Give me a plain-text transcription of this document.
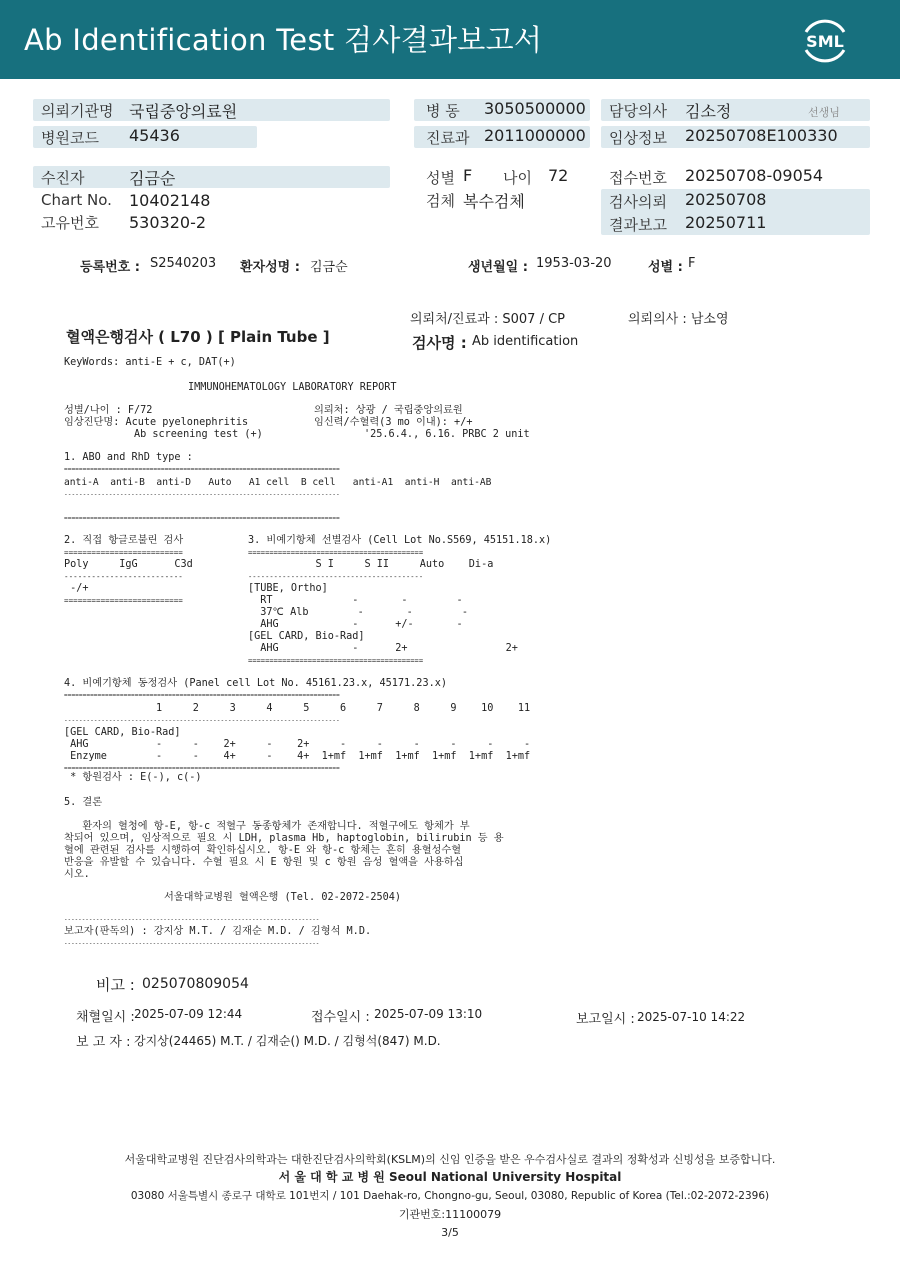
Ab Identification Test 검사결과보고서	SML
의뢰기관명 국립중앙의료원
병원코드 45436
병 동 3050500000
진료과 2011000000
담당의사 김소정	선생님
임상정보 20250708E100330
수진자	김금순
Chart No. 10402148
고유번호 530320-2
성별 F 나이 72
검체 복수검체
접수번호 20250708-09054
검사의뢰 20250708
결과보고 20250711
등록번호 : S2540203 환자성명 : 김금순	생년월일 : 1953-03-20	성별 : F
의뢰처/진료과 : S007 / CP	의뢰의사 : 남소영
혈액은행검사 ( L70 ) [ Plain Tube ]	검사명 : Ab identification
KeyWords: anti-E + c, DAT(+)
IMMUNOHEMATOLOGY LABORATORY REPORT
성별/나이 : F/72
임상진단명: Acute pyelonephritis
Ab screening test (+)
의뢰처: 상광 / 국립중앙의료원
임신력/수혈력(3 mo 이내): +/+
'25.6.4., 6.16. PRBC 2 unit
1. ABO and RhD type :
==========================================================================
anti-A  anti-B  anti-D   Auto   A1 cell  B cell   anti-A1  anti-H  anti-AB
--------------------------------------------------------------------------
==========================================================================
2. 직접 항글로불린 검사
==========================
Poly     IgG      C3d
--------------------------
-/+
==========================
3. 비예기항체 선별검사 (Cell Lot No.S569, 45151.18.x)
=========================================
S I     S II     Auto    Di-a
-----------------------------------------
[TUBE, Ortho]
RT             -       -        -
37℃ Alb        -       -        -
AHG            -      +/-       -
[GEL CARD, Bio-Rad]
AHG            -      2+                2+
=========================================
4. 비예기항체 동정검사 (Panel cell Lot No. 45161.23.x, 45171.23.x)
==========================================================================
1     2     3     4     5     6     7     8     9    10    11
--------------------------------------------------------------------------
[GEL CARD, Bio-Rad]
AHG           -     -    2+     -    2+     -     -     -     -     -     -
Enzyme        -     -    4+     -    4+  1+mf  1+mf  1+mf  1+mf  1+mf  1+mf
==========================================================================
* 항원검사 : E(-), c(-)
5. 결론
환자의 혈청에 항-E, 항-c 적혈구 동종항체가 존재합니다. 적혈구에도 항체가 부
착되어 있으며, 임상적으로 필요 시 LDH, plasma Hb, haptoglobin, bilirubin 등 용
혈에 관련된 검사를 시행하여 확인하십시오. 항-E 와 항-c 항체는 흔히 용혈성수혈
반응을 유발할 수 있습니다. 수혈 필요 시 E 항원 및 c 항원 음성 혈액을 사용하십
시오.
서울대학교병원 혈액은행 (Tel. 02-2072-2504)
------------------------------------------------------------------------
보고자(판독의) : 강지상 M.T. / 김재순 M.D. / 김형석 M.D.
------------------------------------------------------------------------
비고 : 025070809054
채혈일시 : 2025-07-09 12:44	접수일시 : 2025-07-09 13:10	보고일시 : 2025-07-10 14:22
보 고 자 : 강지상(24465) M.T. / 김재순() M.D. / 김형석(847) M.D.
서울대학교병원 진단검사의학과는 대한진단검사의학회(KSLM)의 신임 인증을 받은 우수검사실로 결과의 정확성과 신빙성을 보증합니다.
서 울 대 학 교 병 원 Seoul National University Hospital
03080 서울특별시 종로구 대학로 101번지 / 101 Daehak-ro, Chongno-gu, Seoul, 03080, Republic of Korea (Tel.:02-2072-2396)
기관번호:11100079
3/5
